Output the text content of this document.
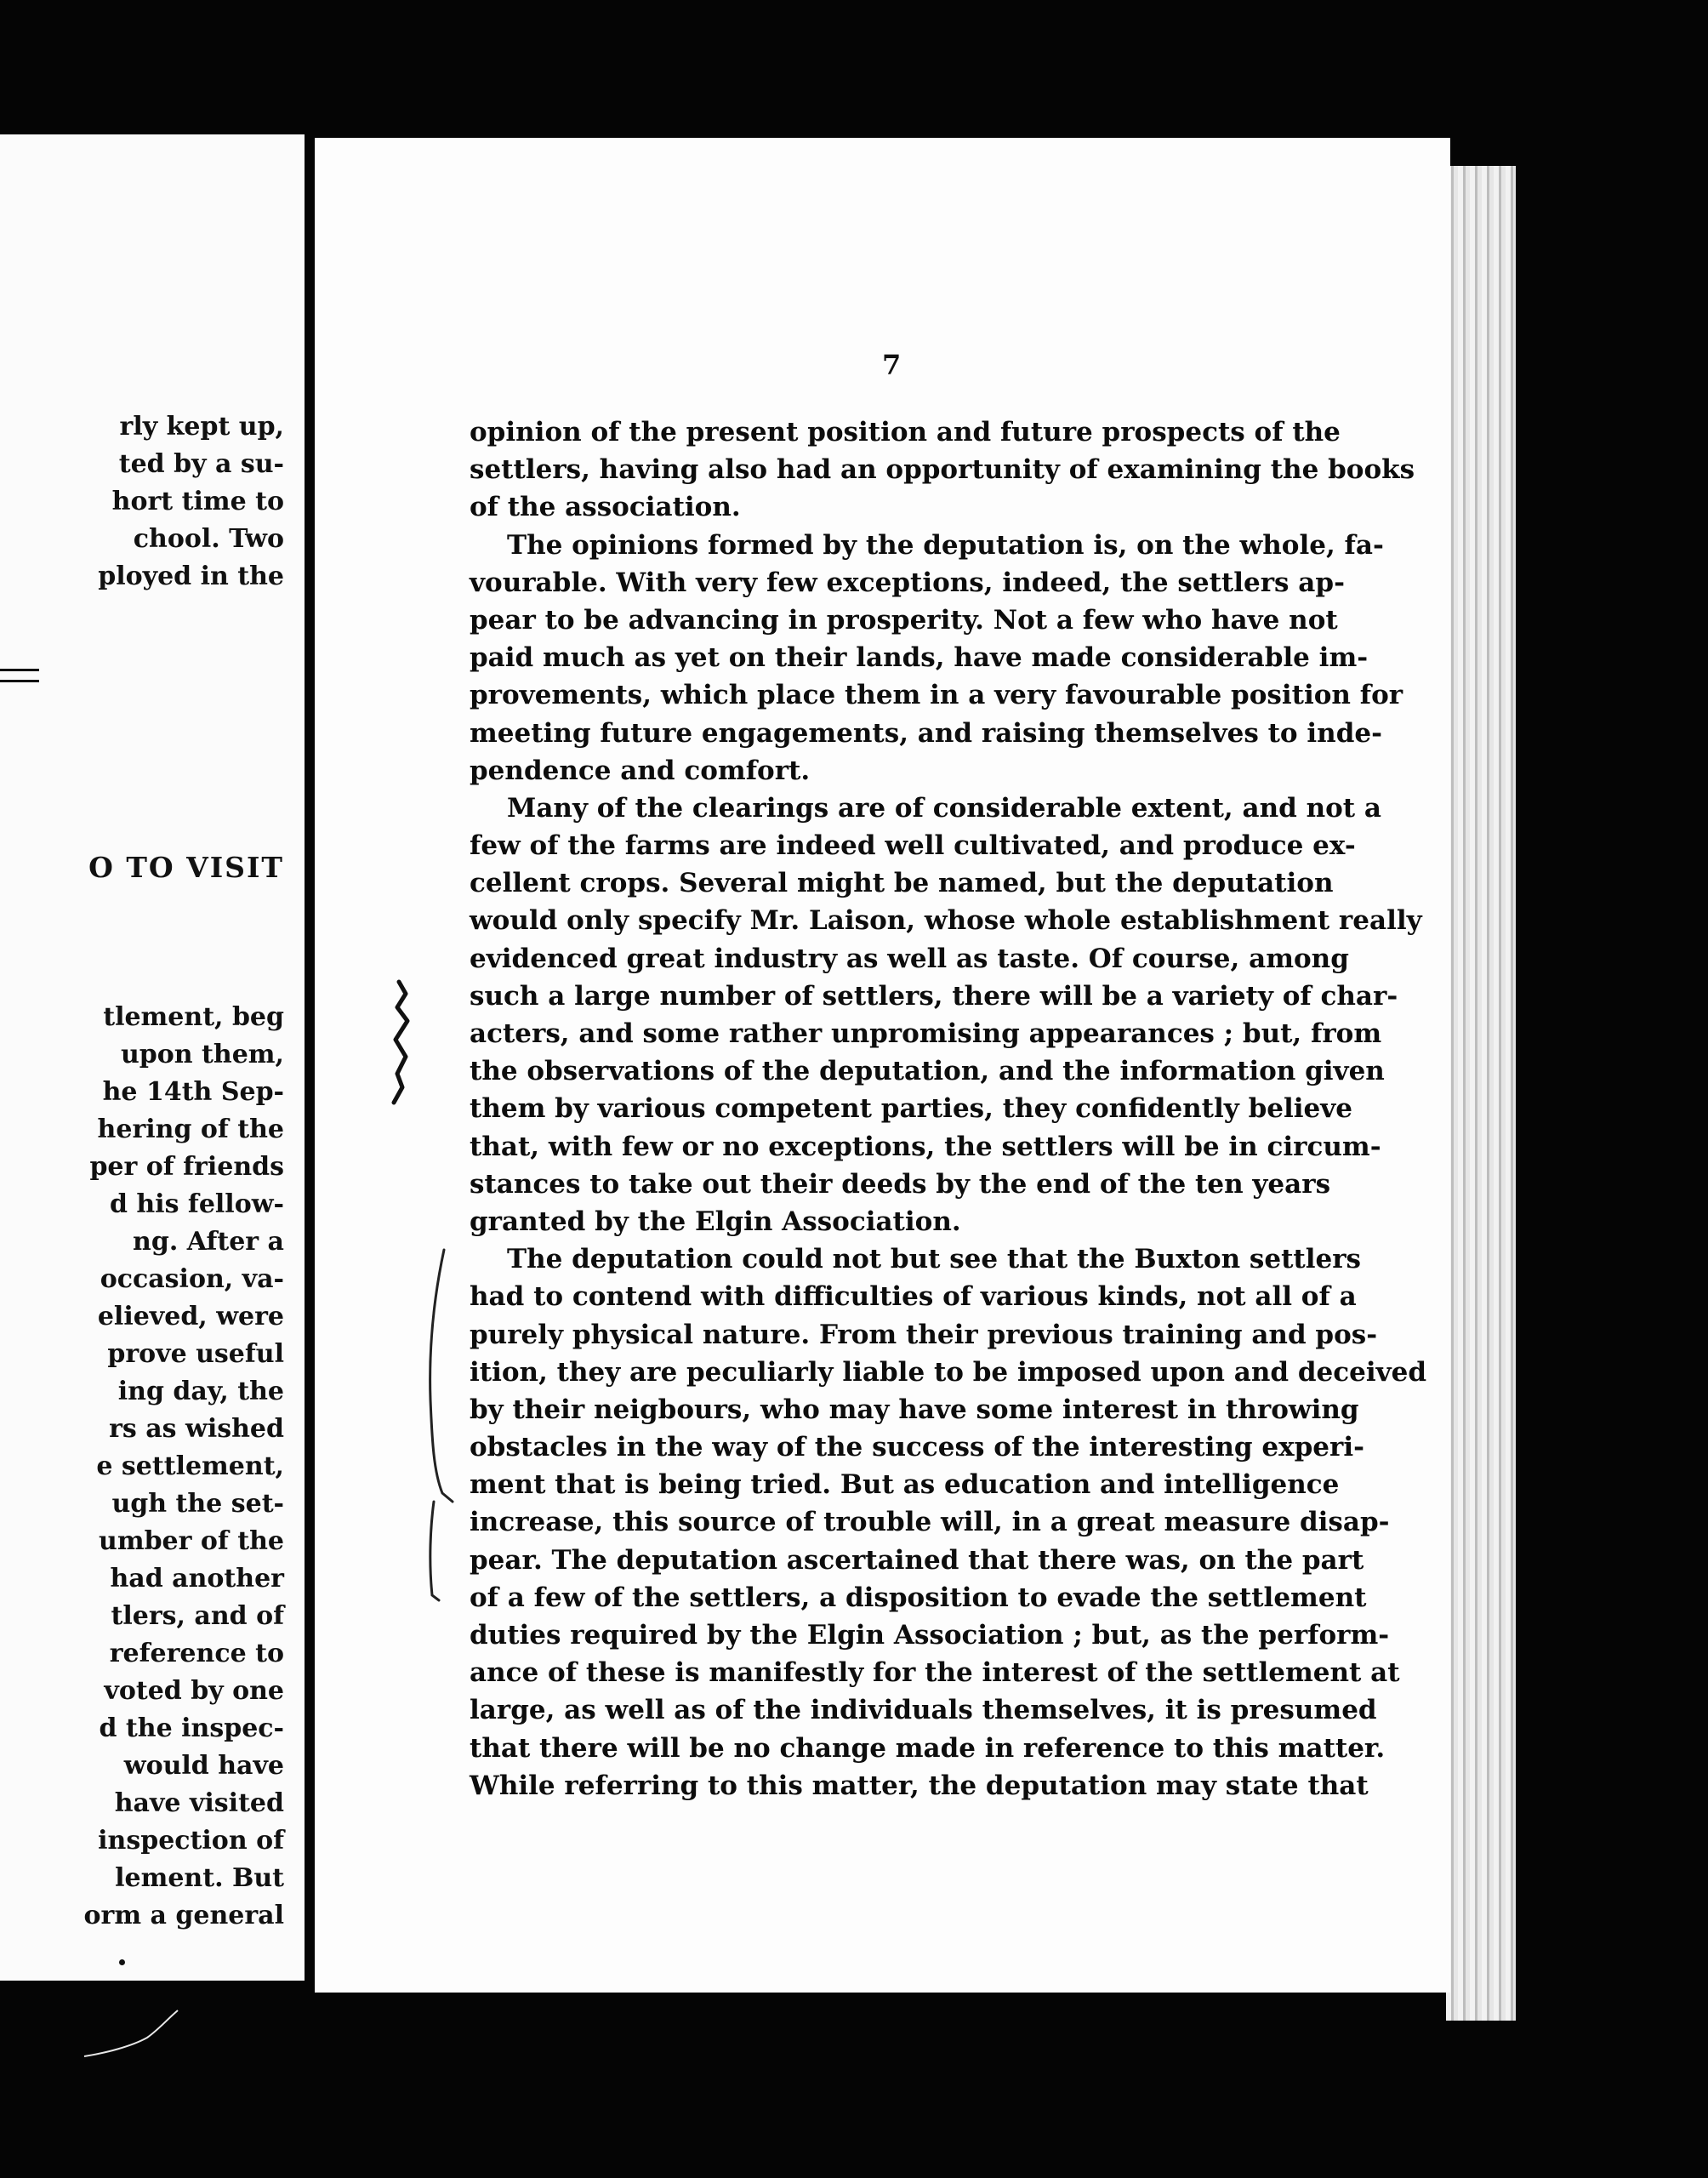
rly kept up,
ted by a su-
hort time to
chool. Two
ployed in the
O TO VISIT
tlement, beg
upon them,
he 14th Sep-
hering of the
per of friends
d his fellow-
ng. After a
occasion, va-
elieved, were
prove useful
ing day, the
rs as wished
e settlement,
ugh the set-
umber of the
had another
tlers, and of
reference to
voted by one
d the inspec-
would have
have visited
inspection of
lement. But
orm a general
7
opinion of the present position and future prospects of the
settlers, having also had an opportunity of examining the books
of the association.
The opinions formed by the deputation is, on the whole, fa-
vourable. With very few exceptions, indeed, the settlers ap-
pear to be advancing in prosperity. Not a few who have not
paid much as yet on their lands, have made considerable im-
provements, which place them in a very favourable position for
meeting future engagements, and raising themselves to inde-
pendence and comfort.
Many of the clearings are of considerable extent, and not a
few of the farms are indeed well cultivated, and produce ex-
cellent crops. Several might be named, but the deputation
would only specify Mr. Laison, whose whole establishment really
evidenced great industry as well as taste. Of course, among
such a large number of settlers, there will be a variety of char-
acters, and some rather unpromising appearances ; but, from
the observations of the deputation, and the information given
them by various competent parties, they confidently believe
that, with few or no exceptions, the settlers will be in circum-
stances to take out their deeds by the end of the ten years
granted by the Elgin Association.
The deputation could not but see that the Buxton settlers
had to contend with difficulties of various kinds, not all of a
purely physical nature. From their previous training and pos-
ition, they are peculiarly liable to be imposed upon and deceived
by their neigbours, who may have some interest in throwing
obstacles in the way of the success of the interesting experi-
ment that is being tried. But as education and intelligence
increase, this source of trouble will, in a great measure disap-
pear. The deputation ascertained that there was, on the part
of a few of the settlers, a disposition to evade the settlement
duties required by the Elgin Association ; but, as the perform-
ance of these is manifestly for the interest of the settlement at
large, as well as of the individuals themselves, it is presumed
that there will be no change made in reference to this matter.
While referring to this matter, the deputation may state that
